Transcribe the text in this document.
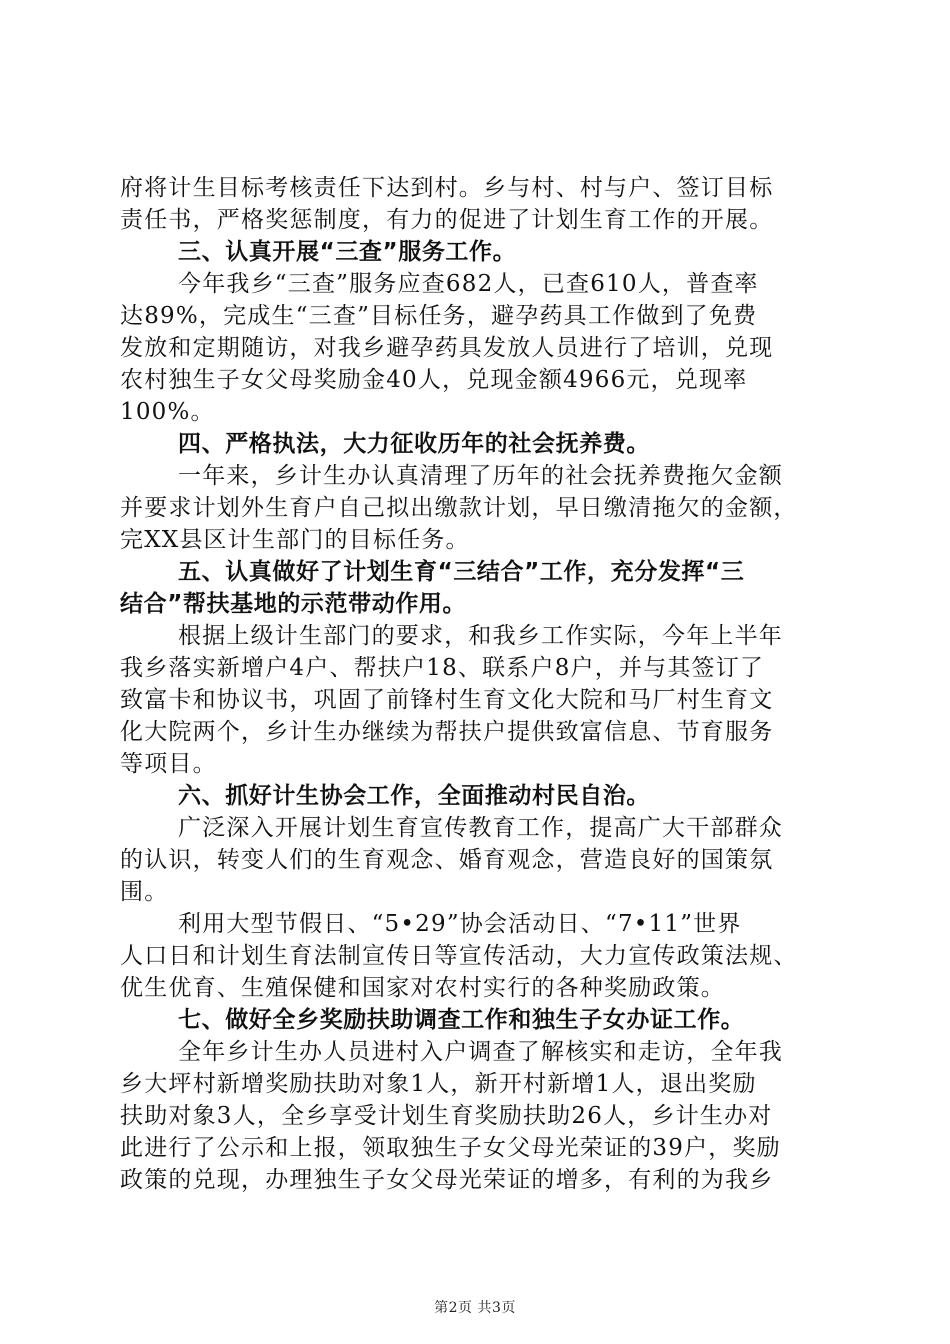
府将计生目标考核责任下达到村。乡与村、村与户、签订目标
责任书，严格奖惩制度，有力的促进了计划生育工作的开展。
三、认真开展“三查”服务工作。
今年我乡“三查”服务应查682人，已查610人，普查率
达89%，完成生“三查”目标任务，避孕药具工作做到了免费
发放和定期随访，对我乡避孕药具发放人员进行了培训，兑现
农村独生子女父母奖励金40人，兑现金额4966元，兑现率
100%。
四、严格执法，大力征收历年的社会抚养费。
一年来，乡计生办认真清理了历年的社会抚养费拖欠金额
并要求计划外生育户自己拟出缴款计划，早日缴清拖欠的金额，
完XX县区计生部门的目标任务。
五、认真做好了计划生育“三结合”工作，充分发挥“三
结合”帮扶基地的示范带动作用。
根据上级计生部门的要求，和我乡工作实际，今年上半年
我乡落实新增户4户、帮扶户18、联系户8户，并与其签订了
致富卡和协议书，巩固了前锋村生育文化大院和马厂村生育文
化大院两个，乡计生办继续为帮扶户提供致富信息、节育服务
等项目。
六、抓好计生协会工作，全面推动村民自治。
广泛深入开展计划生育宣传教育工作，提高广大干部群众
的认识，转变人们的生育观念、婚育观念，营造良好的国策氛
围。
利用大型节假日、“5•29”协会活动日、“7•11”世界
人口日和计划生育法制宣传日等宣传活动，大力宣传政策法规、
优生优育、生殖保健和国家对农村实行的各种奖励政策。
七、做好全乡奖励扶助调查工作和独生子女办证工作。
全年乡计生办人员进村入户调查了解核实和走访，全年我
乡大坪村新增奖励扶助对象1人，新开村新增1人，退出奖励
扶助对象3人，全乡享受计划生育奖励扶助26人，乡计生办对
此进行了公示和上报，领取独生子女父母光荣证的39户，奖励
政策的兑现，办理独生子女父母光荣证的增多，有利的为我乡
第2页 共3页
